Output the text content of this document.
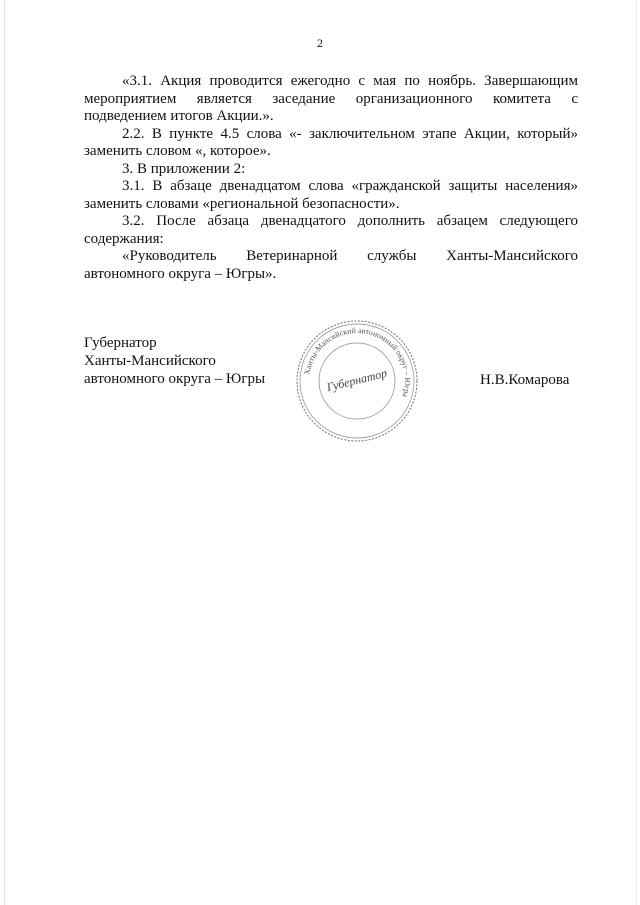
2

«3.1. Акция проводится ежегодно с мая по ноябрь. Завершающим мероприятием является заседание организационного комитета с подведением итогов Акции.».

2.2. В пункте 4.5 слова «- заключительном этапе Акции, который» заменить словом «, которое».

3. В приложении 2:

3.1. В абзаце двенадцатом слова «гражданской защиты населения» заменить словами «региональной безопасности».

3.2. После абзаца двенадцатого дополнить абзацем следующего содержания:

«Руководитель Ветеринарной службы Ханты-Мансийского автономного округа – Югры».

Губернатор
Ханты-Мансийского
автономного округа – Югры	Ханты-Мансийский автономный округ – Югра
Губернатор	Н.В.Комарова
